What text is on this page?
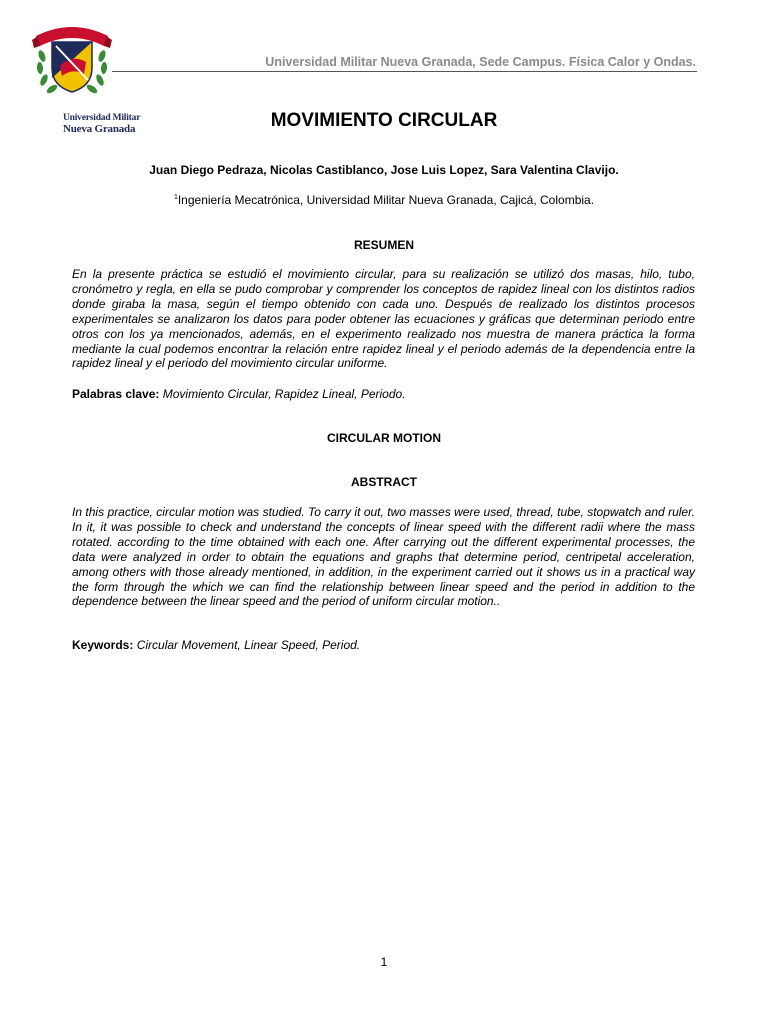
Universidad Militar
Nueva Granada
Universidad Militar Nueva Granada, Sede Campus. Física Calor y Ondas.
MOVIMIENTO CIRCULAR
Juan Diego Pedraza, Nicolas Castiblanco, Jose Luis Lopez, Sara Valentina Clavijo.
$^1$Ingeniería Mecatrónica, Universidad Militar Nueva Granada, Cajicá, Colombia.
RESUMEN
En la presente práctica se estudió el movimiento circular, para su realización se utilizó dos masas, hilo, tubo, cronómetro y regla, en ella se pudo comprobar y comprender los conceptos de rapidez lineal con los distintos radios donde giraba la masa, según el tiempo obtenido con cada uno. Después de realizado los distintos procesos experimentales se analizaron los datos para poder obtener las ecuaciones y gráficas que determinan periodo entre otros con los ya mencionados, además, en el experimento realizado nos muestra de manera práctica la forma mediante la cual podemos encontrar la relación entre rapidez lineal y el periodo además de la dependencia entre la rapidez lineal y el periodo del movimiento circular uniforme.
Palabras clave: Movimiento Circular, Rapidez Lineal, Periodo.
CIRCULAR MOTION
ABSTRACT
In this practice, circular motion was studied. To carry it out, two masses were used, thread, tube, stopwatch and ruler. In it, it was possible to check and understand the concepts of linear speed with the different radii where the mass rotated. according to the time obtained with each one. After carrying out the different experimental processes, the data were analyzed in order to obtain the equations and graphs that determine period, centripetal acceleration, among others with those already mentioned, in addition, in the experiment carried out it shows us in a practical way the form through the which we can find the relationship between linear speed and the period in addition to the dependence between the linear speed and the period of uniform circular motion..
Keywords: Circular Movement, Linear Speed, Period.
1
